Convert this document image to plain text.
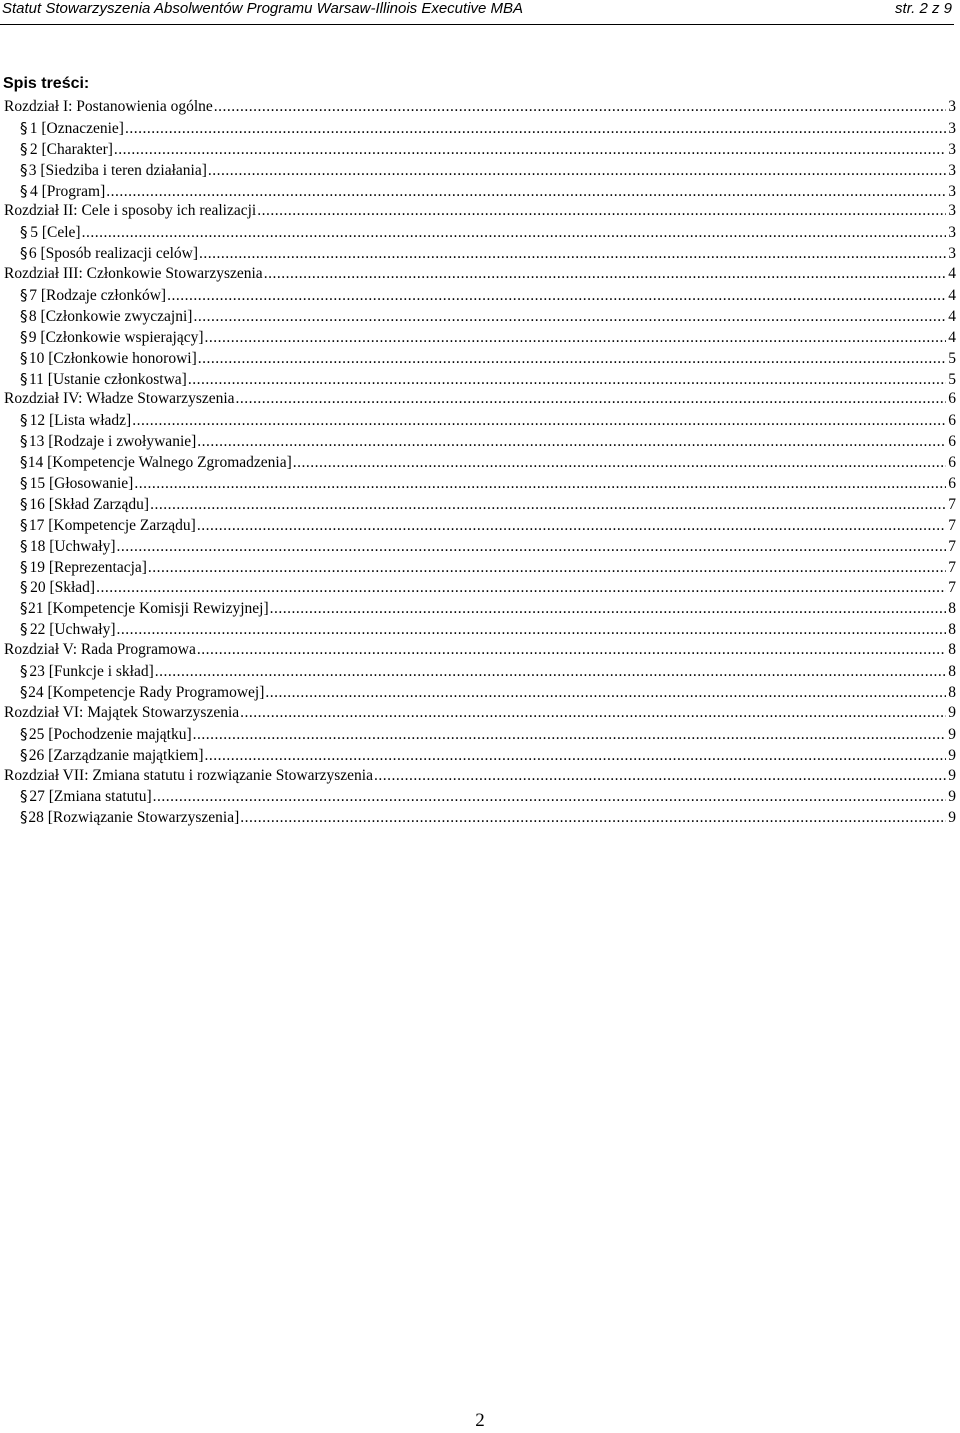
Statut Stowarzyszenia Absolwentów Programu Warsaw-Illinois Executive MBA	str. 2 z 9
Spis treści:
Rozdział I: Postanowienia ogólne .....	3
§ 1 [Oznaczenie] .....	3
§ 2 [Charakter] .....	3
§ 3 [Siedziba i teren działania] .....	3
§ 4 [Program] .....	3
Rozdział II: Cele i sposoby ich realizacji .....	3
§ 5 [Cele] .....	3
§ 6 [Sposób realizacji celów] .....	3
Rozdział III: Członkowie Stowarzyszenia .....	4
§ 7 [Rodzaje członków] .....	4
§ 8 [Członkowie zwyczajni] .....	4
§ 9 [Członkowie wspierający] .....	4
§ 10 [Członkowie honorowi] .....	5
§ 11 [Ustanie członkostwa] .....	5
Rozdział IV: Władze Stowarzyszenia .....	6
§ 12 [Lista władz] .....	6
§ 13 [Rodzaje i zwoływanie] .....	6
§ 14 [Kompetencje Walnego Zgromadzenia] .....	6
§ 15 [Głosowanie] .....	6
§ 16 [Skład Zarządu] .....	7
§ 17 [Kompetencje Zarządu] .....	7
§ 18 [Uchwały] .....	7
§ 19 [Reprezentacja] .....	7
§ 20 [Skład] .....	7
§ 21 [Kompetencje Komisji Rewizyjnej] .....	8
§ 22 [Uchwały] .....	8
Rozdział V: Rada Programowa .....	8
§ 23 [Funkcje i skład] .....	8
§ 24 [Kompetencje Rady Programowej] .....	8
Rozdział VI: Majątek Stowarzyszenia .....	9
§ 25 [Pochodzenie majątku] .....	9
§ 26 [Zarządzanie majątkiem] .....	9
Rozdział VII: Zmiana statutu i rozwiązanie Stowarzyszenia .....	9
§ 27 [Zmiana statutu] .....	9
§ 28 [Rozwiązanie Stowarzyszenia] .....	9
2
